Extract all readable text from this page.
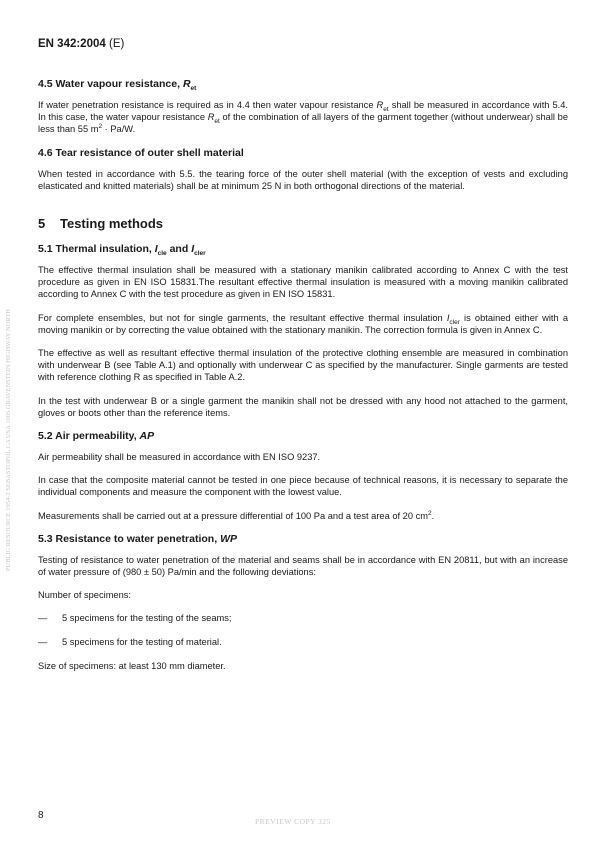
EN 342:2004 (E)
PUBLIC RESOURCE 1954-2 SEBASTOPOL CA USA 1005 GRAVENSTEIN HIGHWAY NORTH
4.5 Water vapour resistance, $R_{et}$

If water penetration resistance is required as in 4.4 then water vapour resistance $R_{et}$ shall be measured in accordance with 5.4. In this case, the water vapour resistance $R_{et}$ of the combination of all layers of the garment together (without underwear) shall be less than 55 $m^2 \cdot Pa/W$.

4.6 Tear resistance of outer shell material

When tested in accordance with 5.5. the tearing force of the outer shell material (with the exception of vests and excluding elasticated and knitted materials) shall be at minimum 25 N in both orthogonal directions of the material.

5 Testing methods
5.1 Thermal insulation, $I_{cle}$ and $I_{cler}$

The effective thermal insulation shall be measured with a stationary manikin calibrated according to Annex C with the test procedure as given in EN ISO 15831.The resultant effective thermal insulation is measured with a moving manikin calibrated according to Annex C with the test procedure as given in EN ISO 15831.

For complete ensembles, but not for single garments, the resultant effective thermal insulation $I_{cler}$ is obtained either with a moving manikin or by correcting the value obtained with the stationary manikin. The correction formula is given in Annex C.

The effective as well as resultant effective thermal insulation of the protective clothing ensemble are measured in combination with underwear B (see Table A.1) and optionally with underwear C as specified by the manufacturer. Single garments are tested with reference clothing R as specified in Table A.2.

In the test with underwear B or a single garment the manikin shall not be dressed with any hood not attached to the garment, gloves or boots other than the reference items.

5.2 Air permeability, AP

Air permeability shall be measured in accordance with EN ISO 9237.

In case that the composite material cannot be tested in one piece because of technical reasons, it is necessary to separate the individual components and measure the component with the lowest value.

Measurements shall be carried out at a pressure differential of 100 Pa and a test area of 20 $cm^2$.

5.3 Resistance to water penetration, WP

Testing of resistance to water penetration of the material and seams shall be in accordance with EN 20811, but with an increase of water pressure of (980 ± 50) Pa/min and the following deviations:

Number of specimens:

—	5 specimens for the testing of the seams;
—	5 specimens for the testing of material.

Size of specimens: at least 130 mm diameter.

8
PREVIEW COPY 325
